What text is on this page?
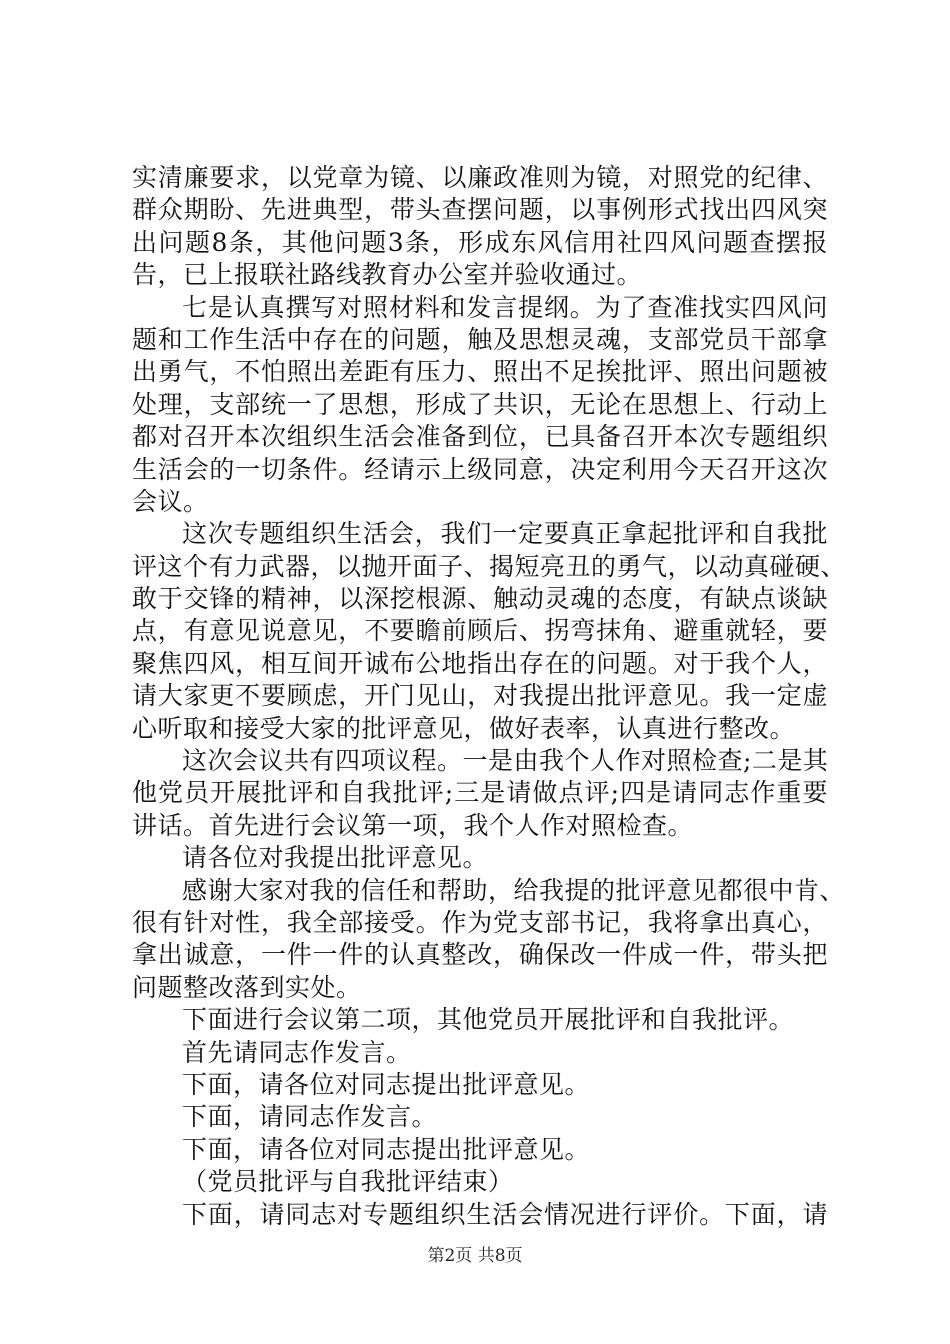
实清廉要求，以党章为镜、以廉政准则为镜，对照党的纪律、
群众期盼、先进典型，带头查摆问题，以事例形式找出四风突
出问题8条，其他问题3条，形成东风信用社四风问题查摆报
告，已上报联社路线教育办公室并验收通过。
七是认真撰写对照材料和发言提纲。为了查准找实四风问
题和工作生活中存在的问题，触及思想灵魂，支部党员干部拿
出勇气，不怕照出差距有压力、照出不足挨批评、照出问题被
处理，支部统一了思想，形成了共识，无论在思想上、行动上
都对召开本次组织生活会准备到位，已具备召开本次专题组织
生活会的一切条件。经请示上级同意，决定利用今天召开这次
会议。
这次专题组织生活会，我们一定要真正拿起批评和自我批
评这个有力武器，以抛开面子、揭短亮丑的勇气，以动真碰硬、
敢于交锋的精神，以深挖根源、触动灵魂的态度，有缺点谈缺
点，有意见说意见，不要瞻前顾后、拐弯抹角、避重就轻，要
聚焦四风，相互间开诚布公地指出存在的问题。对于我个人，
请大家更不要顾虑，开门见山，对我提出批评意见。我一定虚
心听取和接受大家的批评意见，做好表率，认真进行整改。
这次会议共有四项议程。一是由我个人作对照检查;二是其
他党员开展批评和自我批评;三是请做点评;四是请同志作重要
讲话。首先进行会议第一项，我个人作对照检查。
请各位对我提出批评意见。
感谢大家对我的信任和帮助，给我提的批评意见都很中肯、
很有针对性，我全部接受。作为党支部书记，我将拿出真心，
拿出诚意，一件一件的认真整改，确保改一件成一件，带头把
问题整改落到实处。
下面进行会议第二项，其他党员开展批评和自我批评。
首先请同志作发言。
下面，请各位对同志提出批评意见。
下面，请同志作发言。
下面，请各位对同志提出批评意见。
（党员批评与自我批评结束）
下面，请同志对专题组织生活会情况进行评价。下面，请
第2页 共8页
